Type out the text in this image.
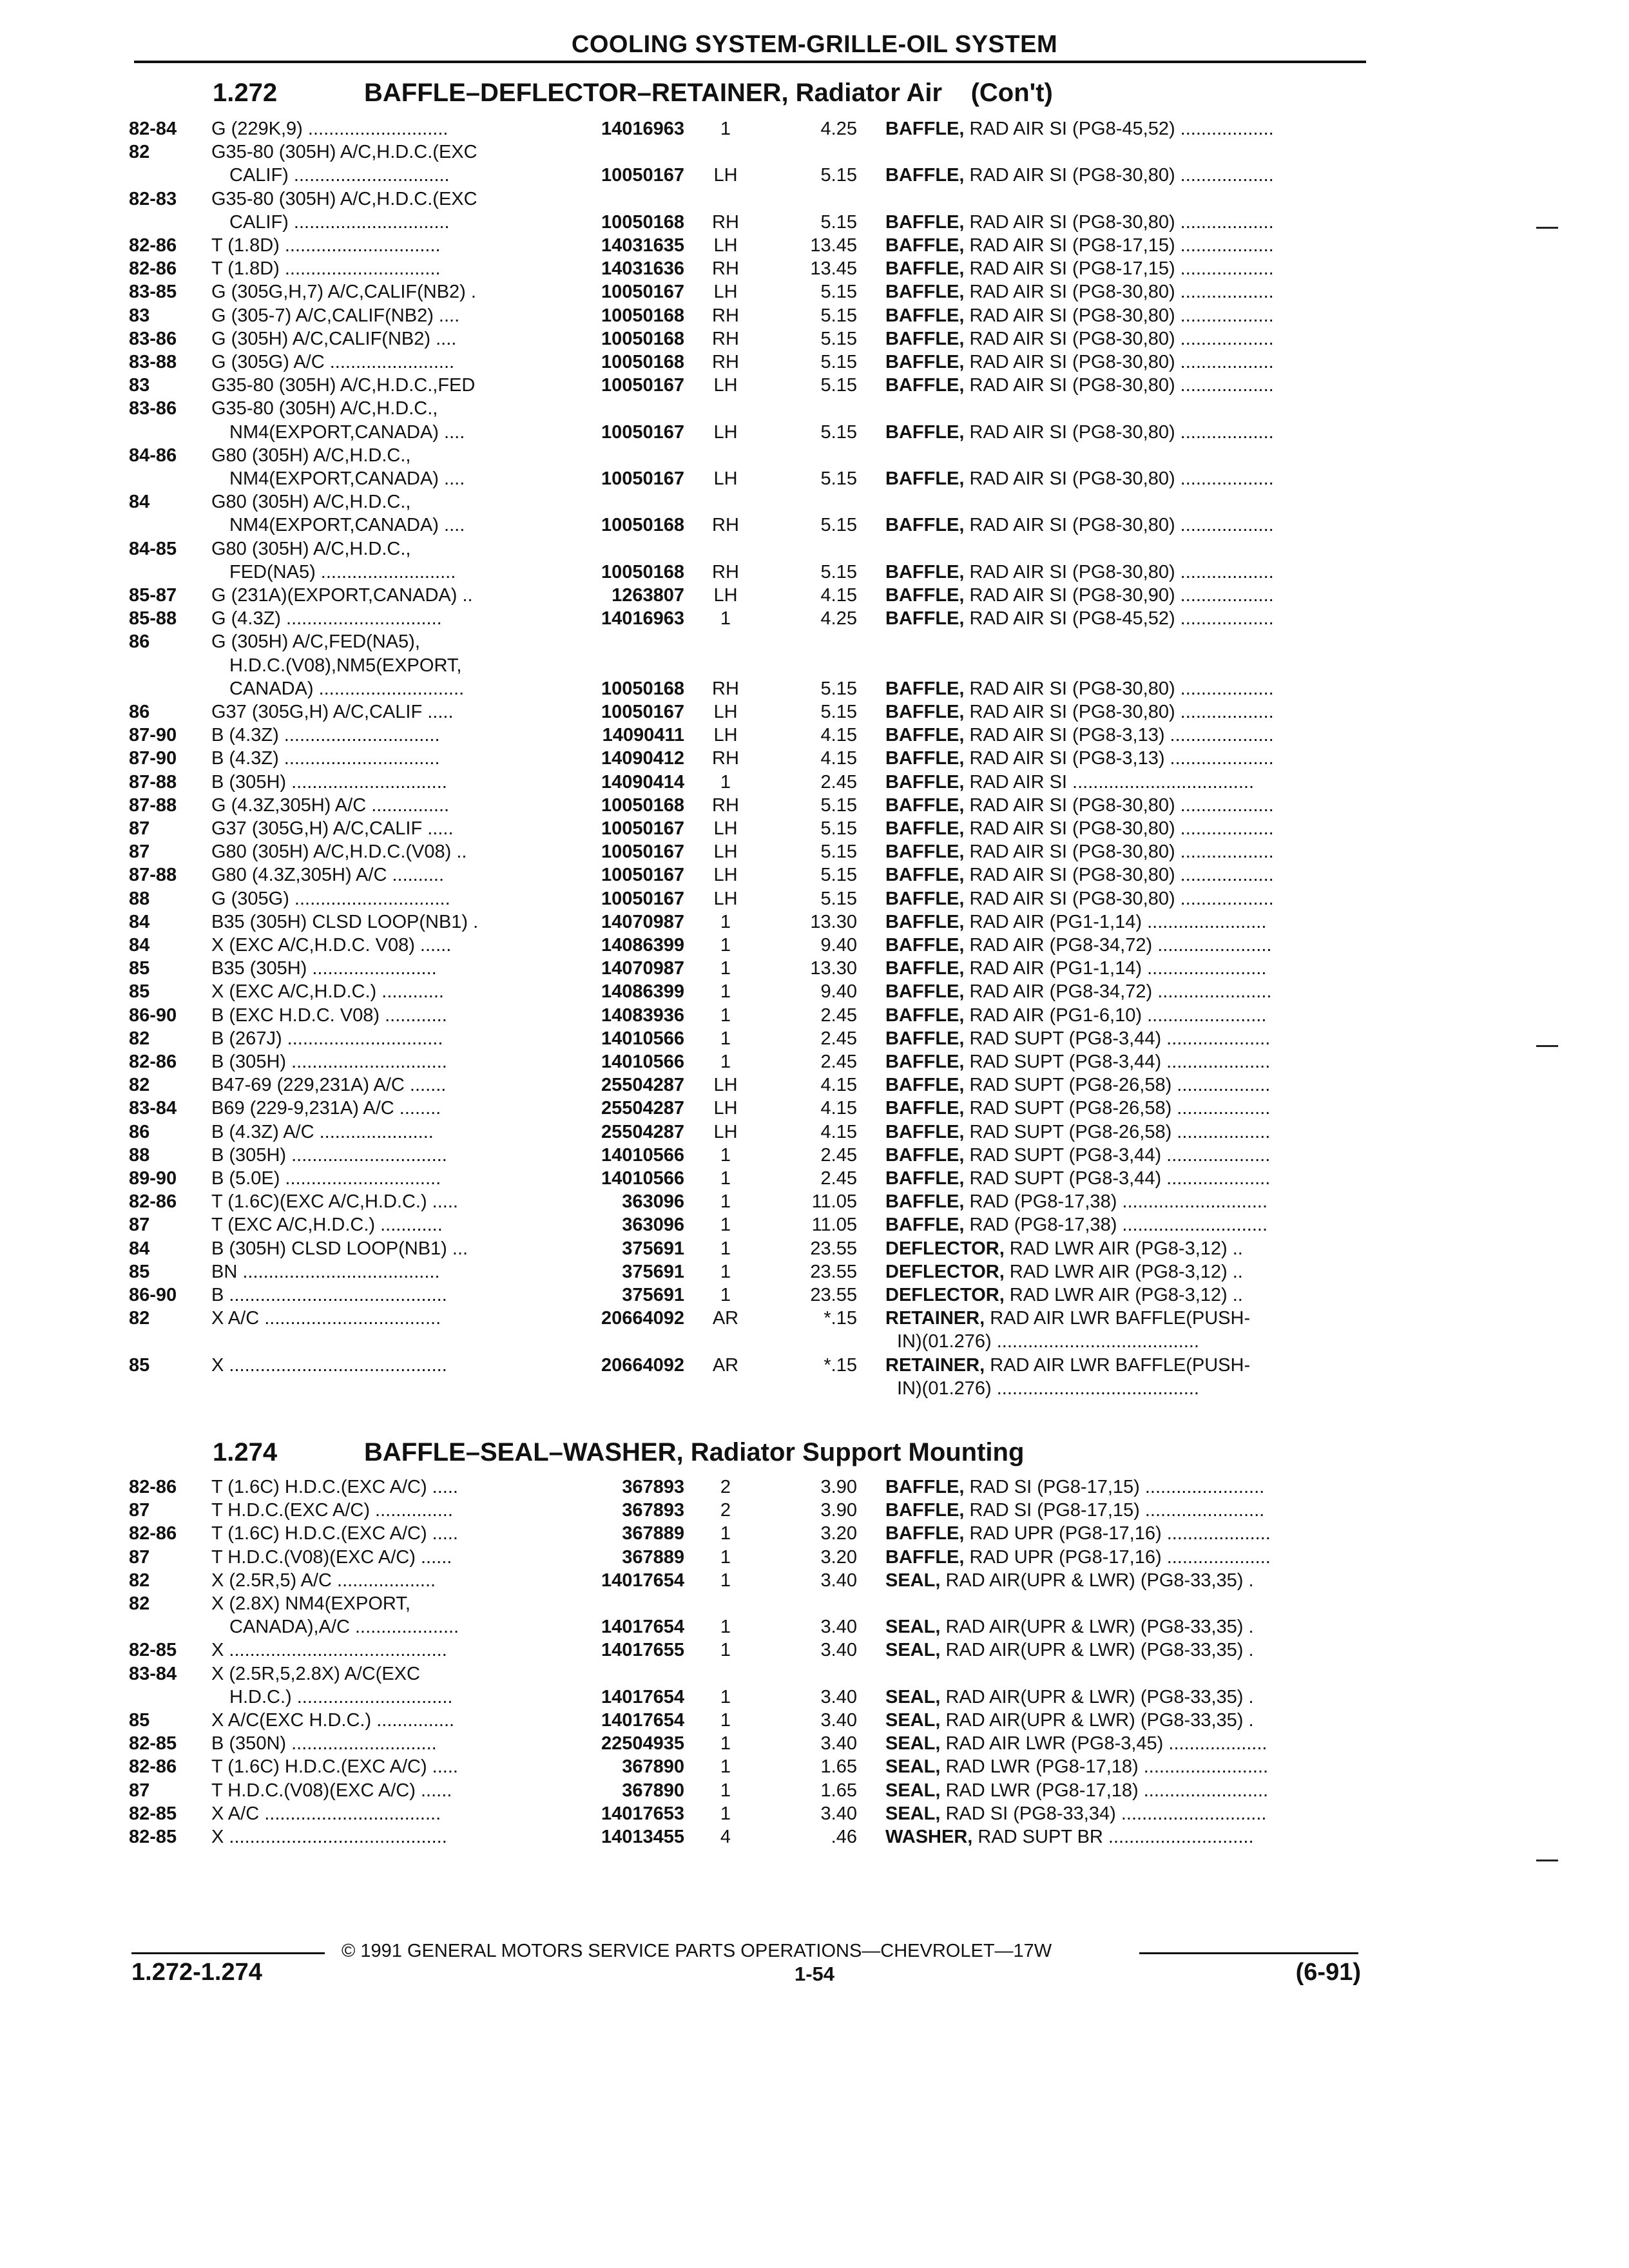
COOLING SYSTEM-GRILLE-OIL SYSTEM
1.272	BAFFLE–DEFLECTOR–RETAINER, Radiator Air (Con't)
82-84 G (229K,9) ...........................	14016963	1	4.25 BAFFLE, RAD AIR SI (PG8-45,52) ..................
82	G35-80 (305H) A/C,H.D.C.(EXC
CALIF) ..............................	10050167	LH	5.15 BAFFLE, RAD AIR SI (PG8-30,80) ..................
82-83 G35-80 (305H) A/C,H.D.C.(EXC
CALIF) ..............................	10050168	RH	5.15 BAFFLE, RAD AIR SI (PG8-30,80) ..................
82-86 T (1.8D) ..............................	14031635	LH	13.45 BAFFLE, RAD AIR SI (PG8-17,15) ..................
82-86 T (1.8D) ..............................	14031636	RH	13.45 BAFFLE, RAD AIR SI (PG8-17,15) ..................
83-85 G (305G,H,7) A/C,CALIF(NB2) .	10050167	LH	5.15 BAFFLE, RAD AIR SI (PG8-30,80) ..................
83	G (305-7) A/C,CALIF(NB2) ....	10050168	RH	5.15 BAFFLE, RAD AIR SI (PG8-30,80) ..................
83-86 G (305H) A/C,CALIF(NB2) ....	10050168	RH	5.15 BAFFLE, RAD AIR SI (PG8-30,80) ..................
83-88 G (305G) A/C ........................	10050168	RH	5.15 BAFFLE, RAD AIR SI (PG8-30,80) ..................
83	G35-80 (305H) A/C,H.D.C.,FED	10050167	LH	5.15 BAFFLE, RAD AIR SI (PG8-30,80) ..................
83-86 G35-80 (305H) A/C,H.D.C.,
NM4(EXPORT,CANADA) ....	10050167	LH	5.15 BAFFLE, RAD AIR SI (PG8-30,80) ..................
84-86 G80 (305H) A/C,H.D.C.,
NM4(EXPORT,CANADA) ....	10050167	LH	5.15 BAFFLE, RAD AIR SI (PG8-30,80) ..................
84	G80 (305H) A/C,H.D.C.,
NM4(EXPORT,CANADA) ....	10050168	RH	5.15 BAFFLE, RAD AIR SI (PG8-30,80) ..................
84-85 G80 (305H) A/C,H.D.C.,
FED(NA5) ..........................	10050168	RH	5.15 BAFFLE, RAD AIR SI (PG8-30,80) ..................
85-87 G (231A)(EXPORT,CANADA) ..	1263807	LH	4.15 BAFFLE, RAD AIR SI (PG8-30,90) ..................
85-88 G (4.3Z) ..............................	14016963	1	4.25 BAFFLE, RAD AIR SI (PG8-45,52) ..................
86	G (305H) A/C,FED(NA5),
H.D.C.(V08),NM5(EXPORT,
CANADA) ............................	10050168	RH	5.15 BAFFLE, RAD AIR SI (PG8-30,80) ..................
86	G37 (305G,H) A/C,CALIF .....	10050167	LH	5.15 BAFFLE, RAD AIR SI (PG8-30,80) ..................
87-90 B (4.3Z) ..............................	14090411	LH	4.15 BAFFLE, RAD AIR SI (PG8-3,13) ....................
87-90 B (4.3Z) ..............................	14090412	RH	4.15 BAFFLE, RAD AIR SI (PG8-3,13) ....................
87-88 B (305H) ..............................	14090414	1	2.45 BAFFLE, RAD AIR SI ...................................
87-88 G (4.3Z,305H) A/C ...............	10050168	RH	5.15 BAFFLE, RAD AIR SI (PG8-30,80) ..................
87	G37 (305G,H) A/C,CALIF .....	10050167	LH	5.15 BAFFLE, RAD AIR SI (PG8-30,80) ..................
87	G80 (305H) A/C,H.D.C.(V08) ..	10050167	LH	5.15 BAFFLE, RAD AIR SI (PG8-30,80) ..................
87-88 G80 (4.3Z,305H) A/C ..........	10050167	LH	5.15 BAFFLE, RAD AIR SI (PG8-30,80) ..................
88	G (305G) ..............................	10050167	LH	5.15 BAFFLE, RAD AIR SI (PG8-30,80) ..................
84	B35 (305H) CLSD LOOP(NB1) .	14070987	1	13.30 BAFFLE, RAD AIR (PG1-1,14) .......................
84	X (EXC A/C,H.D.C. V08) ......	14086399	1	9.40 BAFFLE, RAD AIR (PG8-34,72) ......................
85	B35 (305H) ........................	14070987	1	13.30 BAFFLE, RAD AIR (PG1-1,14) .......................
85	X (EXC A/C,H.D.C.) ............	14086399	1	9.40 BAFFLE, RAD AIR (PG8-34,72) ......................
86-90 B (EXC H.D.C. V08) ............	14083936	1	2.45 BAFFLE, RAD AIR (PG1-6,10) .......................
82	B (267J) ..............................	14010566	1	2.45 BAFFLE, RAD SUPT (PG8-3,44) ....................
82-86 B (305H) ..............................	14010566	1	2.45 BAFFLE, RAD SUPT (PG8-3,44) ....................
82	B47-69 (229,231A) A/C .......	25504287	LH	4.15 BAFFLE, RAD SUPT (PG8-26,58) ..................
83-84 B69 (229-9,231A) A/C ........	25504287	LH	4.15 BAFFLE, RAD SUPT (PG8-26,58) ..................
86	B (4.3Z) A/C ......................	25504287	LH	4.15 BAFFLE, RAD SUPT (PG8-26,58) ..................
88	B (305H) ..............................	14010566	1	2.45 BAFFLE, RAD SUPT (PG8-3,44) ....................
89-90 B (5.0E) ..............................	14010566	1	2.45 BAFFLE, RAD SUPT (PG8-3,44) ....................
82-86 T (1.6C)(EXC A/C,H.D.C.) .....	363096	1	11.05 BAFFLE, RAD (PG8-17,38) ............................
87	T (EXC A/C,H.D.C.) ............	363096	1	11.05 BAFFLE, RAD (PG8-17,38) ............................
84	B (305H) CLSD LOOP(NB1) ...	375691	1	23.55 DEFLECTOR, RAD LWR AIR (PG8-3,12) ..
85	BN ......................................	375691	1	23.55 DEFLECTOR, RAD LWR AIR (PG8-3,12) ..
86-90 B ..........................................	375691	1	23.55 DEFLECTOR, RAD LWR AIR (PG8-3,12) ..
82	X A/C ..................................	20664092	AR	*.15 RETAINER, RAD AIR LWR BAFFLE(PUSH-
IN)(01.276) .......................................
85	X ..........................................	20664092	AR	*.15 RETAINER, RAD AIR LWR BAFFLE(PUSH-
IN)(01.276) .......................................
1.274	BAFFLE–SEAL–WASHER, Radiator Support Mounting
82-86 T (1.6C) H.D.C.(EXC A/C) .....	367893	2	3.90 BAFFLE, RAD SI (PG8-17,15) .......................
87	T H.D.C.(EXC A/C) ...............	367893	2	3.90 BAFFLE, RAD SI (PG8-17,15) .......................
82-86 T (1.6C) H.D.C.(EXC A/C) .....	367889	1	3.20 BAFFLE, RAD UPR (PG8-17,16) ....................
87	T H.D.C.(V08)(EXC A/C) ......	367889	1	3.20 BAFFLE, RAD UPR (PG8-17,16) ....................
82	X (2.5R,5) A/C ...................	14017654	1	3.40 SEAL, RAD AIR(UPR & LWR) (PG8-33,35) .
82	X (2.8X) NM4(EXPORT,
CANADA),A/C ....................	14017654	1	3.40 SEAL, RAD AIR(UPR & LWR) (PG8-33,35) .
82-85 X ..........................................	14017655	1	3.40 SEAL, RAD AIR(UPR & LWR) (PG8-33,35) .
83-84 X (2.5R,5,2.8X) A/C(EXC
H.D.C.) ..............................	14017654	1	3.40 SEAL, RAD AIR(UPR & LWR) (PG8-33,35) .
85	X A/C(EXC H.D.C.) ...............	14017654	1	3.40 SEAL, RAD AIR(UPR & LWR) (PG8-33,35) .
82-85 B (350N) ............................	22504935	1	3.40 SEAL, RAD AIR LWR (PG8-3,45) ...................
82-86 T (1.6C) H.D.C.(EXC A/C) .....	367890	1	1.65 SEAL, RAD LWR (PG8-17,18) ........................
87	T H.D.C.(V08)(EXC A/C) ......	367890	1	1.65 SEAL, RAD LWR (PG8-17,18) ........................
82-85 X A/C ..................................	14017653	1	3.40 SEAL, RAD SI (PG8-33,34) ............................
82-85 X ..........................................	14013455	4	.46 WASHER, RAD SUPT BR ............................
© 1991 GENERAL MOTORS SERVICE PARTS OPERATIONS—CHEVROLET—17W
1.272-1.274	1-54	(6-91)
